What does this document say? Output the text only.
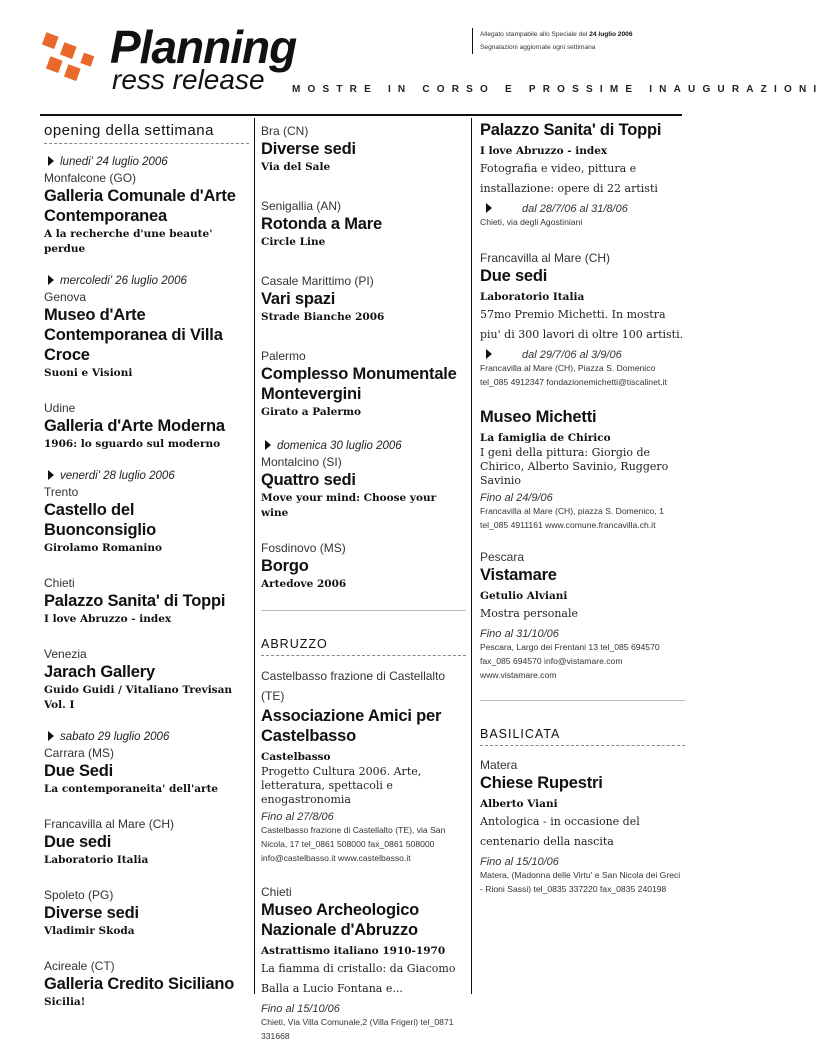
Planning
ress release	MOSTRE IN CORSO E PROSSIME INAUGURAZIONI
Allegato stampabile allo Speciale del 24 luglio 2006
Segnalazioni aggiornate ogni settimana
opening della settimana
lunedi' 24 luglio 2006
Monfalcone (GO)
Galleria Comunale d'Arte Contemporanea
A la recherche d'une beaute' perdue
mercoledi' 26 luglio 2006
Genova
Museo d'Arte Contemporanea di Villa Croce
Suoni e Visioni
Udine
Galleria d'Arte Moderna
1906: lo sguardo sul moderno
venerdi' 28 luglio 2006
Trento
Castello del Buonconsiglio
Girolamo Romanino
Chieti
Palazzo Sanita' di Toppi
I love Abruzzo - index
Venezia
Jarach Gallery
Guido Guidi / Vitaliano Trevisan Vol. I
sabato 29 luglio 2006
Carrara (MS)
Due Sedi
La contemporaneita' dell'arte
Francavilla al Mare (CH)
Due sedi
Laboratorio Italia
Spoleto (PG)
Diverse sedi
Vladimir Skoda
Acireale (CT)
Galleria Credito Siciliano
Sicilia!
Bra (CN)
Diverse sedi
Via del Sale
Senigallia (AN)
Rotonda a Mare
Circle Line
Casale Marittimo (PI)
Vari spazi
Strade Bianche 2006
Palermo
Complesso Monumentale Montevergini
Girato a Palermo
domenica 30 luglio 2006
Montalcino (SI)
Quattro sedi
Move your mind: Choose your wine
Fosdinovo (MS)
Borgo
Artedove 2006
ABRUZZO
Castelbasso frazione di Castellalto (TE)
Associazione Amici per Castelbasso
Castelbasso
Progetto Cultura 2006. Arte, letteratura, spettacoli e enogastronomia
Fino al 27/8/06
Castelbasso frazione di Castellalto (TE), via San Nicola, 17 tel_0861 508000 fax_0861 508000 info@castelbasso.it www.castelbasso.it
Chieti
Museo Archeologico Nazionale d'Abruzzo
Astrattismo italiano 1910-1970
La fiamma di cristallo: da Giacomo Balla a Lucio Fontana e...
Fino al 15/10/06
Chieti, Via Villa Comunale,2 (Villa Frigeri) tel_0871 331668
Palazzo Sanita' di Toppi
I love Abruzzo - index
Fotografia e video, pittura e installazione: opere di 22 artisti
dal 28/7/06 al 31/8/06
Chieti, via degli Agostiniani
Francavilla al Mare (CH)
Due sedi
Laboratorio Italia
57mo Premio Michetti. In mostra piu' di 300 lavori di oltre 100 artisti.
dal 29/7/06 al 3/9/06
Francavilla al Mare (CH), Piazza S. Domenico tel_085 4912347 fondazionemichetti@tiscalinet.it
Museo Michetti
La famiglia de Chirico
I geni della pittura: Giorgio de Chirico, Alberto Savinio, Ruggero Savinio
Fino al 24/9/06
Francavilla al Mare (CH), piazza S. Domenico, 1 tel_085 4911161 www.comune.francavilla.ch.it
Pescara
Vistamare
Getulio Alviani
Mostra personale
Fino al 31/10/06
Pescara, Largo dei Frentani 13 tel_085 694570 fax_085 694570 info@vistamare.com www.vistamare.com
BASILICATA
Matera
Chiese Rupestri
Alberto Viani
Antologica - in occasione del centenario della nascita
Fino al 15/10/06
Matera, (Madonna delle Virtu' e San Nicola dei Greci - Rioni Sassi) tel_0835 337220 fax_0835 240198
